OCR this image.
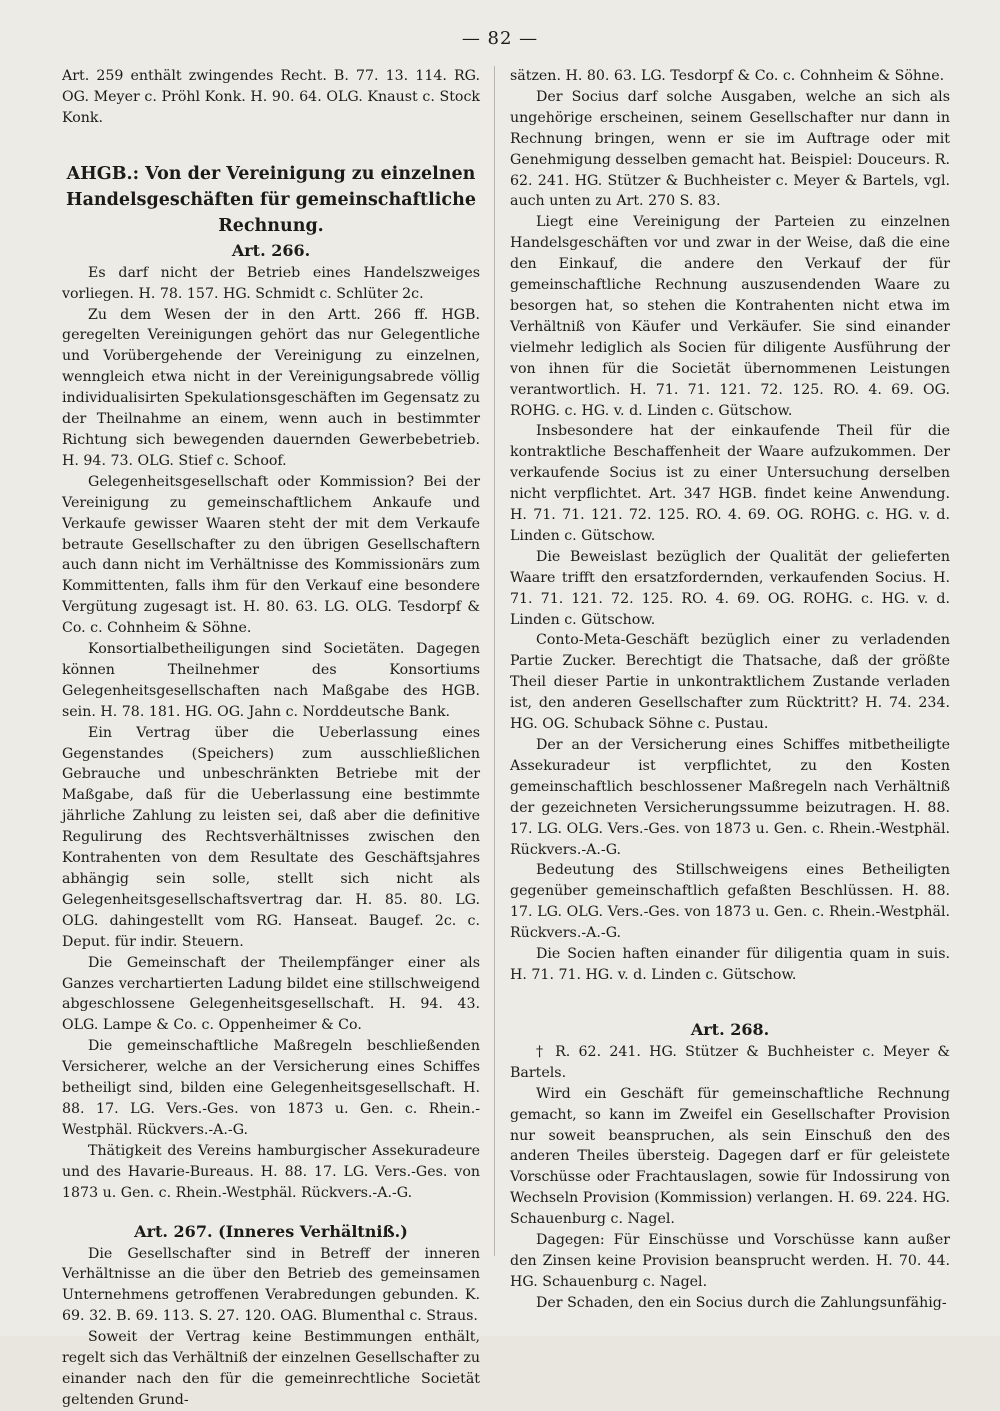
— 82 —

Art. 259 enthält zwingendes Recht. B. 77. 13. 114. RG. OG. Meyer c. Pröhl Konk. H. 90. 64. OLG. Knaust c. Stock Konk.

AHGB.: Von der Vereinigung zu einzelnen Handelsgeschäften für gemeinschaftliche Rechnung.
Art. 266.

Es darf nicht der Betrieb eines Handelszweiges vorliegen. H. 78. 157. HG. Schmidt c. Schlüter 2c.

Zu dem Wesen der in den Artt. 266 ff. HGB. geregelten Vereinigungen gehört das nur Gelegentliche und Vorübergehende der Vereinigung zu einzelnen, wenngleich etwa nicht in der Vereinigungsabrede völlig individualisirten Spekulationsgeschäften im Gegensatz zu der Theilnahme an einem, wenn auch in bestimmter Richtung sich bewegenden dauernden Gewerbebetrieb. H. 94. 73. OLG. Stief c. Schoof.

Gelegenheitsgesellschaft oder Kommission? Bei der Vereinigung zu gemeinschaftlichem Ankaufe und Verkaufe gewisser Waaren steht der mit dem Verkaufe betraute Gesellschafter zu den übrigen Gesellschaftern auch dann nicht im Verhältnisse des Kommissionärs zum Kommittenten, falls ihm für den Verkauf eine besondere Vergütung zugesagt ist. H. 80. 63. LG. OLG. Tesdorpf & Co. c. Cohnheim & Söhne.

Konsortialbetheiligungen sind Societäten. Dagegen können Theilnehmer des Konsortiums Gelegenheitsgesellschaften nach Maßgabe des HGB. sein. H. 78. 181. HG. OG. Jahn c. Norddeutsche Bank.

Ein Vertrag über die Ueberlassung eines Gegenstandes (Speichers) zum ausschließlichen Gebrauche und unbeschränkten Betriebe mit der Maßgabe, daß für die Ueberlassung eine bestimmte jährliche Zahlung zu leisten sei, daß aber die definitive Regulirung des Rechtsverhältnisses zwischen den Kontrahenten von dem Resultate des Geschäftsjahres abhängig sein solle, stellt sich nicht als Gelegenheitsgesellschaftsvertrag dar. H. 85. 80. LG. OLG. dahingestellt vom RG. Hanseat. Baugef. 2c. c. Deput. für indir. Steuern.

Die Gemeinschaft der Theilempfänger einer als Ganzes verchartierten Ladung bildet eine stillschweigend abgeschlossene Gelegenheitsgesellschaft. H. 94. 43. OLG. Lampe & Co. c. Oppenheimer & Co.

Die gemeinschaftliche Maßregeln beschließenden Versicherer, welche an der Versicherung eines Schiffes betheiligt sind, bilden eine Gelegenheitsgesellschaft. H. 88. 17. LG. Vers.-Ges. von 1873 u. Gen. c. Rhein.-Westphäl. Rückvers.-A.-G.

Thätigkeit des Vereins hamburgischer Assekuradeure und des Havarie-Bureaus. H. 88. 17. LG. Vers.-Ges. von 1873 u. Gen. c. Rhein.-Westphäl. Rückvers.-A.-G.

Art. 267. (Inneres Verhältniß.)

Die Gesellschafter sind in Betreff der inneren Verhältnisse an die über den Betrieb des gemeinsamen Unternehmens getroffenen Verabredungen gebunden. K. 69. 32. B. 69. 113. S. 27. 120. OAG. Blumenthal c. Straus.

Soweit der Vertrag keine Bestimmungen enthält, regelt sich das Verhältniß der einzelnen Gesellschafter zu einander nach den für die gemeinrechtliche Societät geltenden Grund-

sätzen. H. 80. 63. LG. Tesdorpf & Co. c. Cohnheim & Söhne.

Der Socius darf solche Ausgaben, welche an sich als ungehörige erscheinen, seinem Gesellschafter nur dann in Rechnung bringen, wenn er sie im Auftrage oder mit Genehmigung desselben gemacht hat. Beispiel: Douceurs. R. 62. 241. HG. Stützer & Buchheister c. Meyer & Bartels, vgl. auch unten zu Art. 270 S. 83.

Liegt eine Vereinigung der Parteien zu einzelnen Handelsgeschäften vor und zwar in der Weise, daß die eine den Einkauf, die andere den Verkauf der für gemeinschaftliche Rechnung auszusendenden Waare zu besorgen hat, so stehen die Kontrahenten nicht etwa im Verhältniß von Käufer und Verkäufer. Sie sind einander vielmehr lediglich als Socien für diligente Ausführung der von ihnen für die Societät übernommenen Leistungen verantwortlich. H. 71. 71. 121. 72. 125. RO. 4. 69. OG. ROHG. c. HG. v. d. Linden c. Gütschow.

Insbesondere hat der einkaufende Theil für die kontraktliche Beschaffenheit der Waare aufzukommen. Der verkaufende Socius ist zu einer Untersuchung derselben nicht verpflichtet. Art. 347 HGB. findet keine Anwendung. H. 71. 71. 121. 72. 125. RO. 4. 69. OG. ROHG. c. HG. v. d. Linden c. Gütschow.

Die Beweislast bezüglich der Qualität der gelieferten Waare trifft den ersatzfordernden, verkaufenden Socius. H. 71. 71. 121. 72. 125. RO. 4. 69. OG. ROHG. c. HG. v. d. Linden c. Gütschow.

Conto-Meta-Geschäft bezüglich einer zu verladenden Partie Zucker. Berechtigt die Thatsache, daß der größte Theil dieser Partie in unkontraktlichem Zustande verladen ist, den anderen Gesellschafter zum Rücktritt? H. 74. 234. HG. OG. Schuback Söhne c. Pustau.

Der an der Versicherung eines Schiffes mitbetheiligte Assekuradeur ist verpflichtet, zu den Kosten gemeinschaftlich beschlossener Maßregeln nach Verhältniß der gezeichneten Versicherungssumme beizutragen. H. 88. 17. LG. OLG. Vers.-Ges. von 1873 u. Gen. c. Rhein.-Westphäl. Rückvers.-A.-G.

Bedeutung des Stillschweigens eines Betheiligten gegenüber gemeinschaftlich gefaßten Beschlüssen. H. 88. 17. LG. OLG. Vers.-Ges. von 1873 u. Gen. c. Rhein.-Westphäl. Rückvers.-A.-G.

Die Socien haften einander für diligentia quam in suis. H. 71. 71. HG. v. d. Linden c. Gütschow.

Art. 268.

† R. 62. 241. HG. Stützer & Buchheister c. Meyer & Bartels.

Wird ein Geschäft für gemeinschaftliche Rechnung gemacht, so kann im Zweifel ein Gesellschafter Provision nur soweit beanspruchen, als sein Einschuß den des anderen Theiles übersteig. Dagegen darf er für geleistete Vorschüsse oder Frachtauslagen, sowie für Indossirung von Wechseln Provision (Kommission) verlangen. H. 69. 224. HG. Schauenburg c. Nagel.

Dagegen: Für Einschüsse und Vorschüsse kann außer den Zinsen keine Provision beansprucht werden. H. 70. 44. HG. Schauenburg c. Nagel.

Der Schaden, den ein Socius durch die Zahlungsunfähig-
